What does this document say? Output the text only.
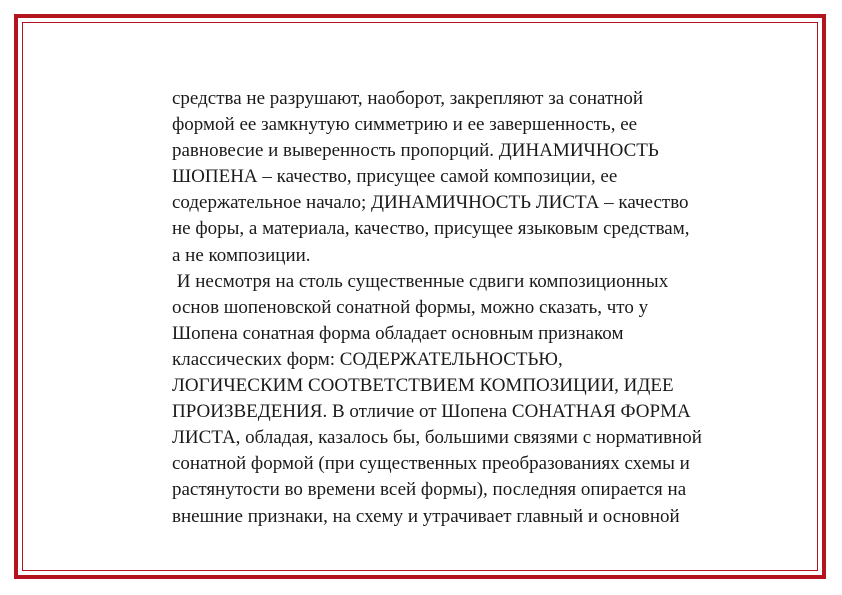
средства не разрушают, наоборот, закрепляют за сонатной
формой ее замкнутую симметрию и ее завершенность, ее
равновесие и выверенность пропорций. ДИНАМИЧНОСТЬ
ШОПЕНА – качество, присущее самой композиции, ее
содержательное начало; ДИНАМИЧНОСТЬ ЛИСТА – качество
не форы, а материала, качество, присущее языковым средствам,
а не композиции.
И несмотря на столь существенные сдвиги композиционных
основ шопеновской сонатной формы, можно сказать, что у
Шопена сонатная форма обладает основным признаком
классических форм: СОДЕРЖАТЕЛЬНОСТЬЮ,
ЛОГИЧЕСКИМ СООТВЕТСТВИЕМ КОМПОЗИЦИИ, ИДЕЕ
ПРОИЗВЕДЕНИЯ. В отличие от Шопена СОНАТНАЯ ФОРМА
ЛИСТА, обладая, казалось бы, большими связями с нормативной
сонатной формой (при существенных преобразованиях схемы и
растянутости во времени всей формы), последняя опирается на
внешние признаки, на схему и утрачивает главный и основной
